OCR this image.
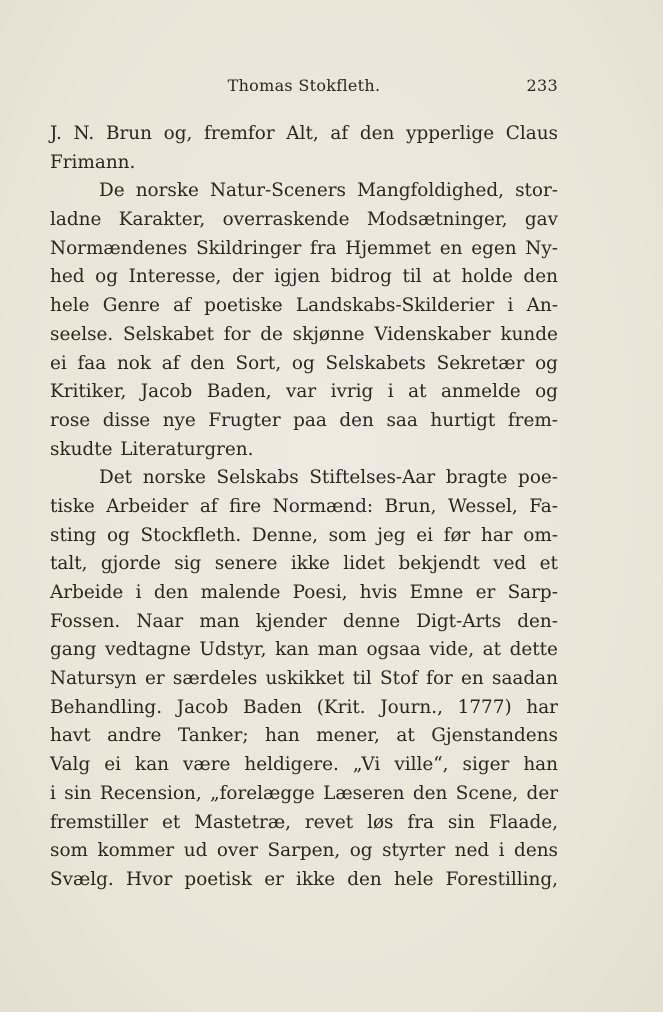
Thomas Stokfleth.	233
J. N. Brun og, fremfor Alt, af den ypperlige Claus
Frimann.
De norske Natur-Sceners Mangfoldighed, stor-
ladne Karakter, overraskende Modsætninger, gav
Normændenes Skildringer fra Hjemmet en egen Ny-
hed og Interesse, der igjen bidrog til at holde den
hele Genre af poetiske Landskabs-Skilderier i An-
seelse. Selskabet for de skjønne Videnskaber kunde
ei faa nok af den Sort, og Selskabets Sekretær og
Kritiker, Jacob Baden, var ivrig i at anmelde og
rose disse nye Frugter paa den saa hurtigt frem-
skudte Literaturgren.
Det norske Selskabs Stiftelses-Aar bragte poe-
tiske Arbeider af fire Normænd: Brun, Wessel, Fa-
sting og Stockfleth. Denne, som jeg ei før har om-
talt, gjorde sig senere ikke lidet bekjendt ved et
Arbeide i den malende Poesi, hvis Emne er Sarp-
Fossen. Naar man kjender denne Digt-Arts den-
gang vedtagne Udstyr, kan man ogsaa vide, at dette
Natursyn er særdeles uskikket til Stof for en saadan
Behandling. Jacob Baden (Krit. Journ., 1777) har
havt andre Tanker; han mener, at Gjenstandens
Valg ei kan være heldigere. „Vi ville“, siger han
i sin Recension, „forelægge Læseren den Scene, der
fremstiller et Mastetræ, revet løs fra sin Flaade,
som kommer ud over Sarpen, og styrter ned i dens
Svælg. Hvor poetisk er ikke den hele Forestilling,
